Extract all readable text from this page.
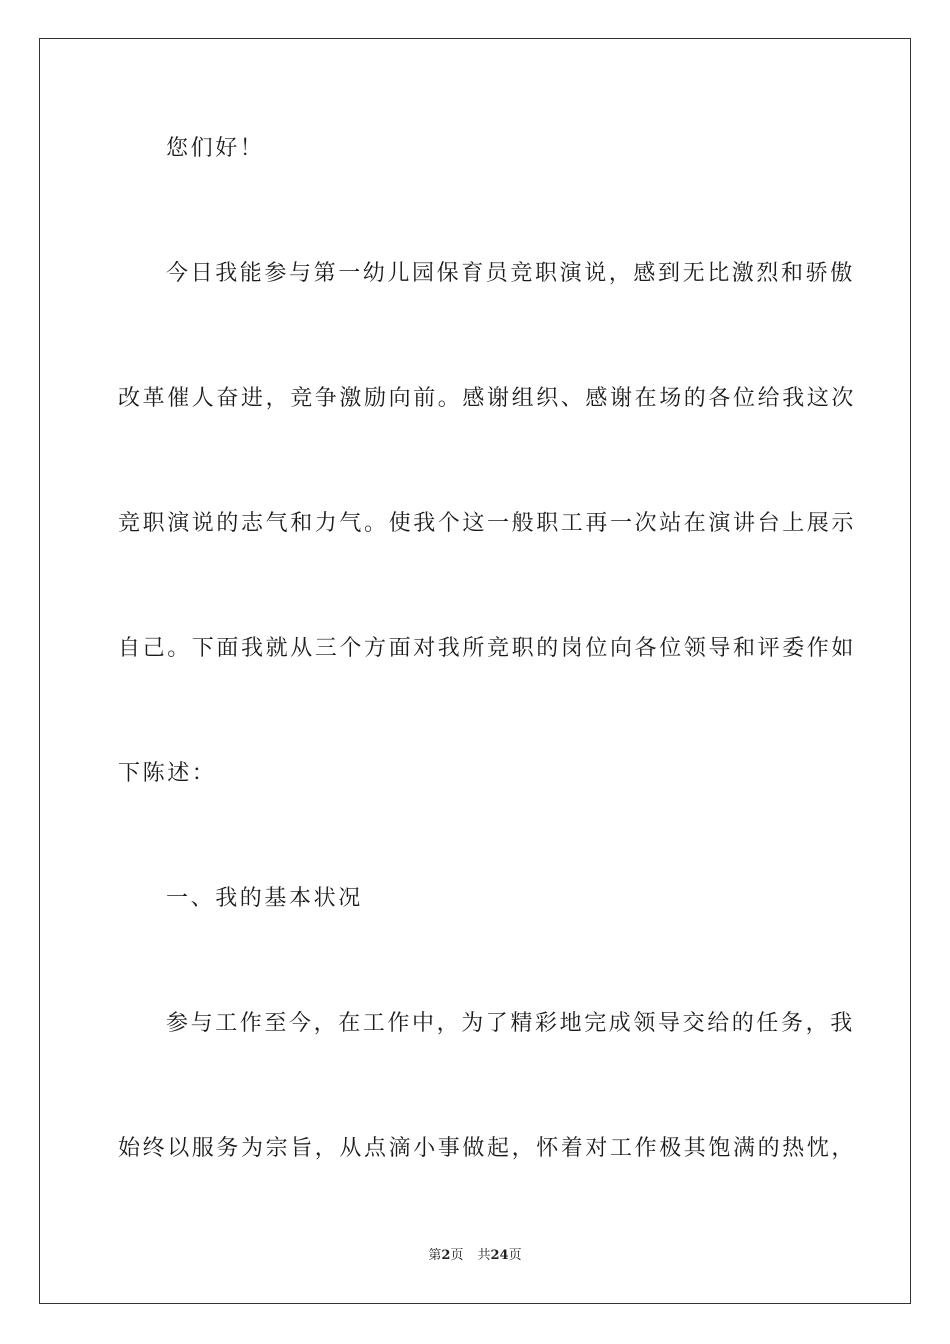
您们好！
今日我能参与第一幼儿园保育员竞职演说，感到无比激烈和骄傲
改革催人奋进，竞争激励向前。感谢组织、感谢在场的各位给我这次
竞职演说的志气和力气。使我个这一般职工再一次站在演讲台上展示
自己。下面我就从三个方面对我所竞职的岗位向各位领导和评委作如
下陈述：
一、我的基本状况
参与工作至今，在工作中，为了精彩地完成领导交给的任务，我
始终以服务为宗旨，从点滴小事做起，怀着对工作极其饱满的热忱，
第2页 共24页
